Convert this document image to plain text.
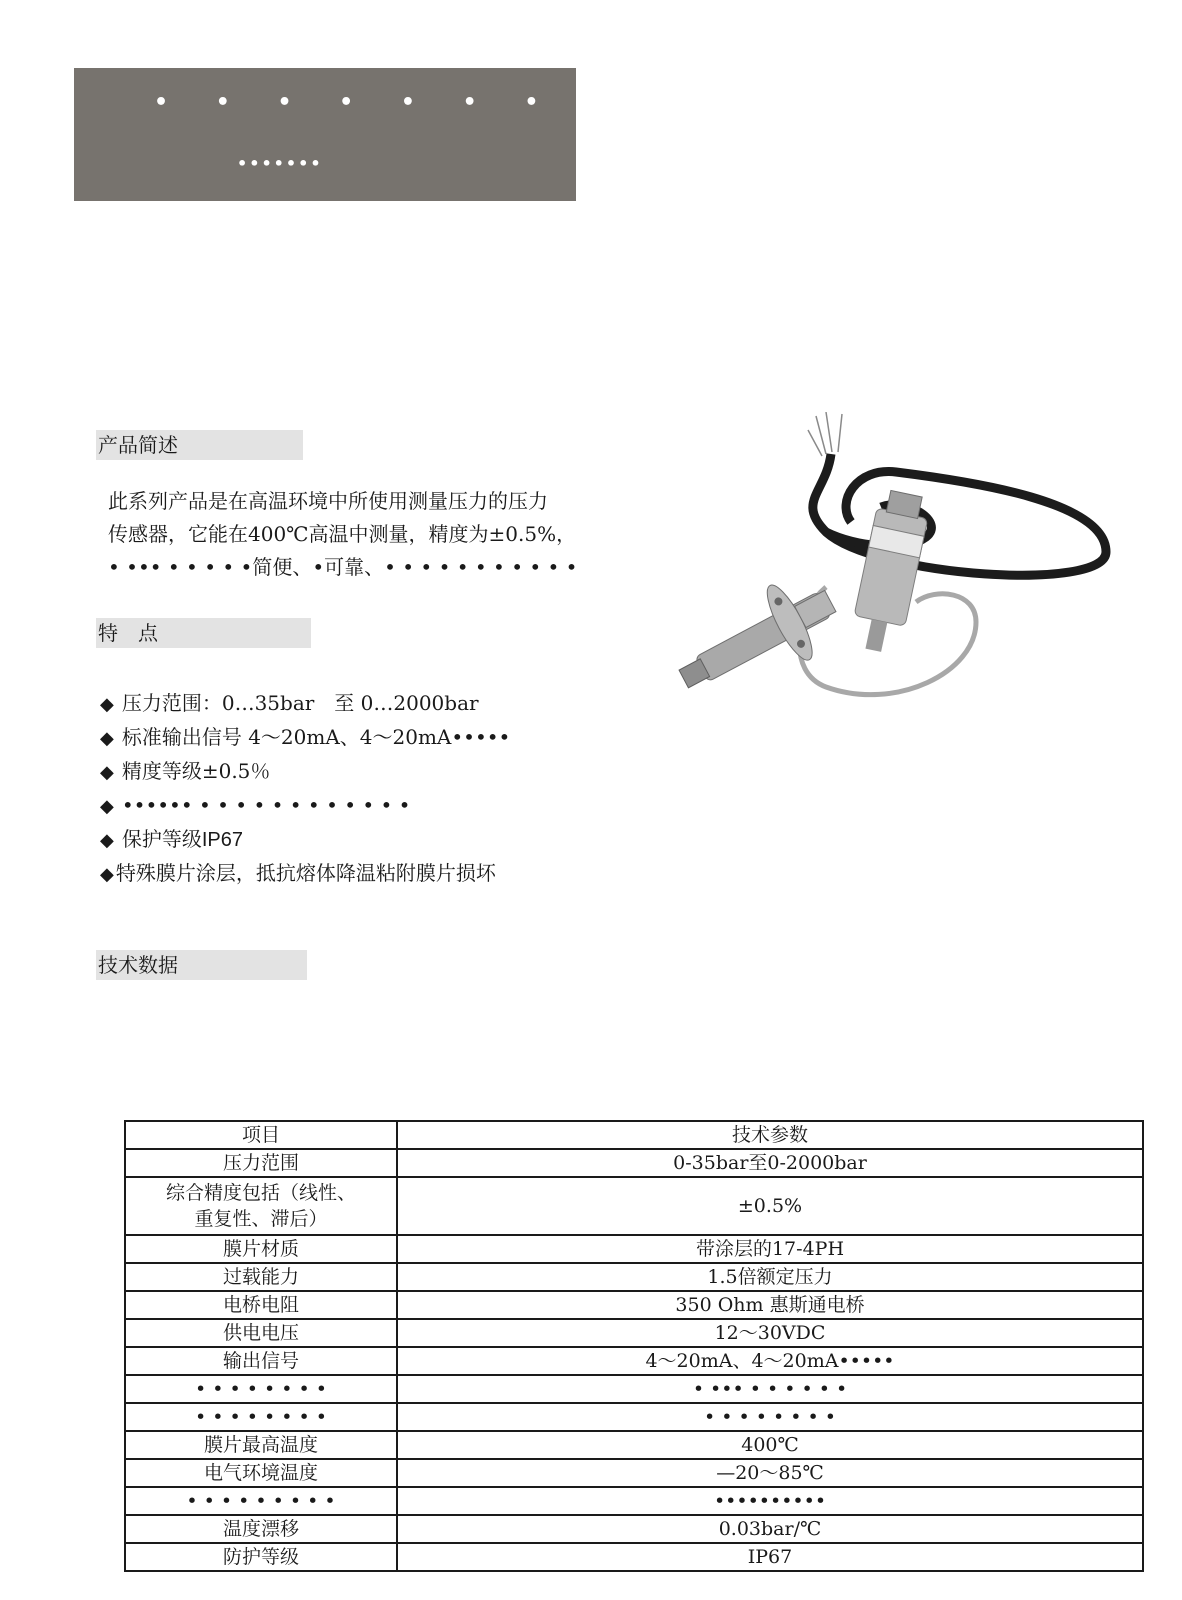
• • • • • • • • • • • •
•••••••
产品简述
此系列产品是在高温环境中所使用测量压力的压力
传感器，它能在400℃高温中测量，精度为±0.5%，
• ••• • • • • •简便、•可靠、• • • • • • • • • • •
特　点
◆ 压力范围：0…35bar　至 0…2000bar
◆ 标准输出信号 4～20mA、4～20mA•••••
◆ 精度等级±0.5％
◆ •••••• • • • • • • • • • • • •
◆ 保护等级IP67
◆ 特殊膜片涂层，抵抗熔体降温粘附膜片损坏
技术数据
项目	技术参数
压力范围	0-35bar至0-2000bar
综合精度包括（线性、
重复性、滞后）	±0.5%
膜片材质	带涂层的17-4PH
过载能力	1.5倍额定压力
电桥电阻	350 Ohm 惠斯通电桥
供电电压	12～30VDC
输出信号	4～20mA、4～20mA•••••
• • • • • • • •	• ••• • • • • • •
• • • • • • • •	• • • • • • • •
膜片最高温度	400℃
电气环境温度	—20～85℃
• • • • • • • • •	••••••••••
温度漂移	0.03bar/℃
防护等级	IP67
